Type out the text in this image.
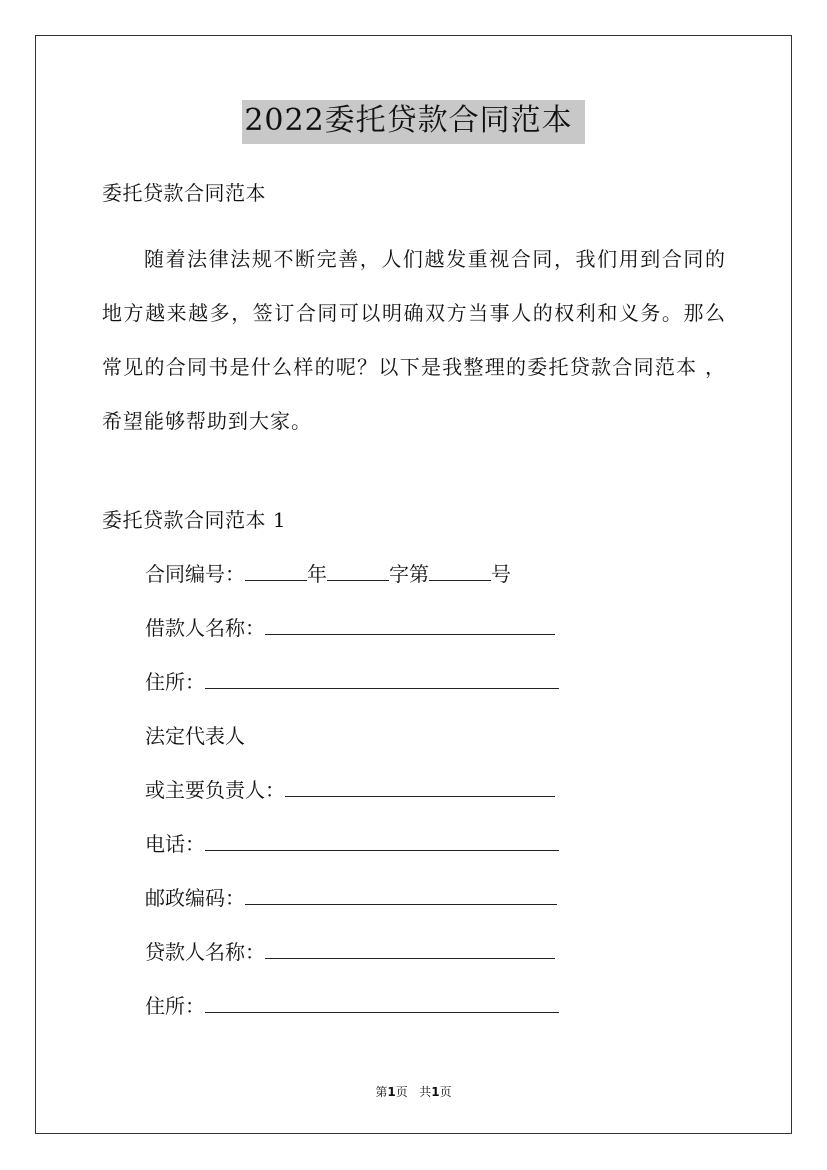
2022委托贷款合同范本
委托贷款合同范本

随着法律法规不断完善，人们越发重视合同，我们用到合同的地方越来越多，签订合同可以明确双方当事人的权利和义务。那么常见的合同书是什么样的呢？以下是我整理的委托贷款合同范本 ，希望能够帮助到大家。

委托贷款合同范本 1
合同编号：	年	字第	号
借款人名称：
住所：
法定代表人
或主要负责人：
电话：
邮政编码：
贷款人名称：
住所：
第1页 共1页
